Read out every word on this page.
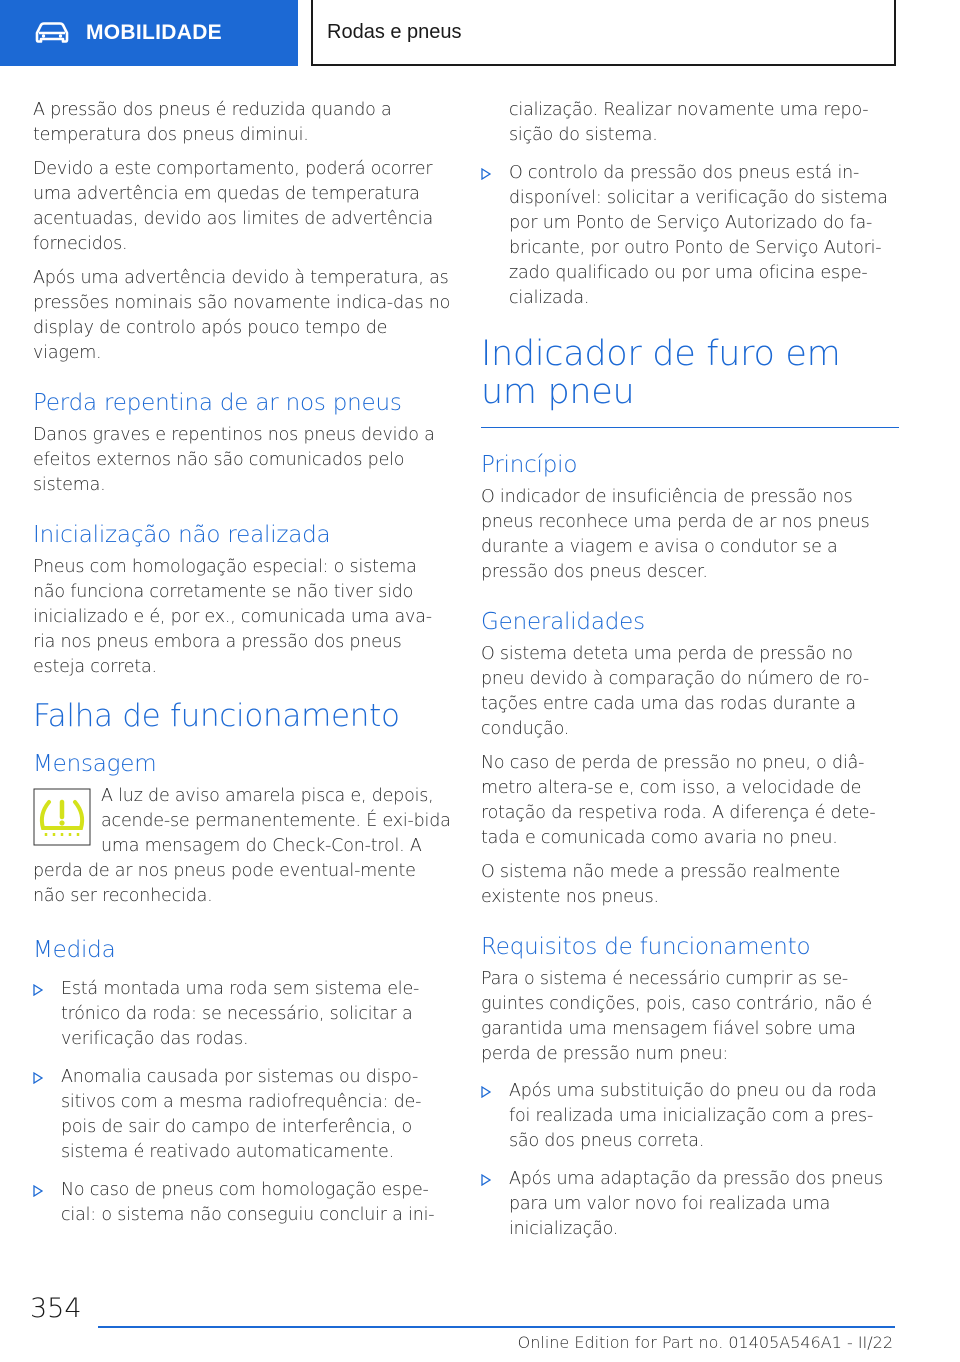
MOBILIDADE	Rodas e pneus

A pressão dos pneus é reduzida quando a temperatura dos pneus diminui.

Devido a este comportamento, poderá ocorrer uma advertência em quedas de temperatura acentuadas, devido aos limites de advertência fornecidos.

Após uma advertência devido à temperatura, as pressões nominais são novamente indica-das no display de controlo após pouco tempo de viagem.

Perda repentina de ar nos pneus

Danos graves e repentinos nos pneus devido a efeitos externos não são comunicados pelo sistema.

Inicialização não realizada

Pneus com homologação especial: o sistema não funciona corretamente se não tiver sido inicializado e é, por ex., comunicada uma ava-ria nos pneus embora a pressão dos pneus esteja correta.

Falha de funcionamento
Mensagem

A luz de aviso amarela pisca e, depois, acende-se permanentemente. É exi-bida uma mensagem do Check-Con-trol. A perda de ar nos pneus pode eventual-mente não ser reconhecida.

Medida
Está montada uma roda sem sistema ele-trónico da roda: se necessário, solicitar a verificação das rodas.
Anomalia causada por sistemas ou dispo-sitivos com a mesma radiofrequência: de-pois de sair do campo de interferência, o sistema é reativado automaticamente.
No caso de pneus com homologação espe-cial: o sistema não conseguiu concluir a ini-
cialização. Realizar novamente uma repo-sição do sistema.
O controlo da pressão dos pneus está in-disponível: solicitar a verificação do sistema por um Ponto de Serviço Autorizado do fa-bricante, por outro Ponto de Serviço Autori-zado qualificado ou por uma oficina espe-cializada.
Indicador de furo em um pneu
Princípio

O indicador de insuficiência de pressão nos pneus reconhece uma perda de ar nos pneus durante a viagem e avisa o condutor se a pressão dos pneus descer.

Generalidades

O sistema deteta uma perda de pressão no pneu devido à comparação do número de ro-tações entre cada uma das rodas durante a condução.

No caso de perda de pressão no pneu, o diâ-metro altera-se e, com isso, a velocidade de rotação da respetiva roda. A diferença é dete-tada e comunicada como avaria no pneu.

O sistema não mede a pressão realmente existente nos pneus.

Requisitos de funcionamento

Para o sistema é necessário cumprir as se-guintes condições, pois, caso contrário, não é garantida uma mensagem fiável sobre uma perda de pressão num pneu:

Após uma substituição do pneu ou da roda foi realizada uma inicialização com a pres-são dos pneus correta.
Após uma adaptação da pressão dos pneus para um valor novo foi realizada uma inicialização.
354
Online Edition for Part no. 01405A546A1 - II/22
